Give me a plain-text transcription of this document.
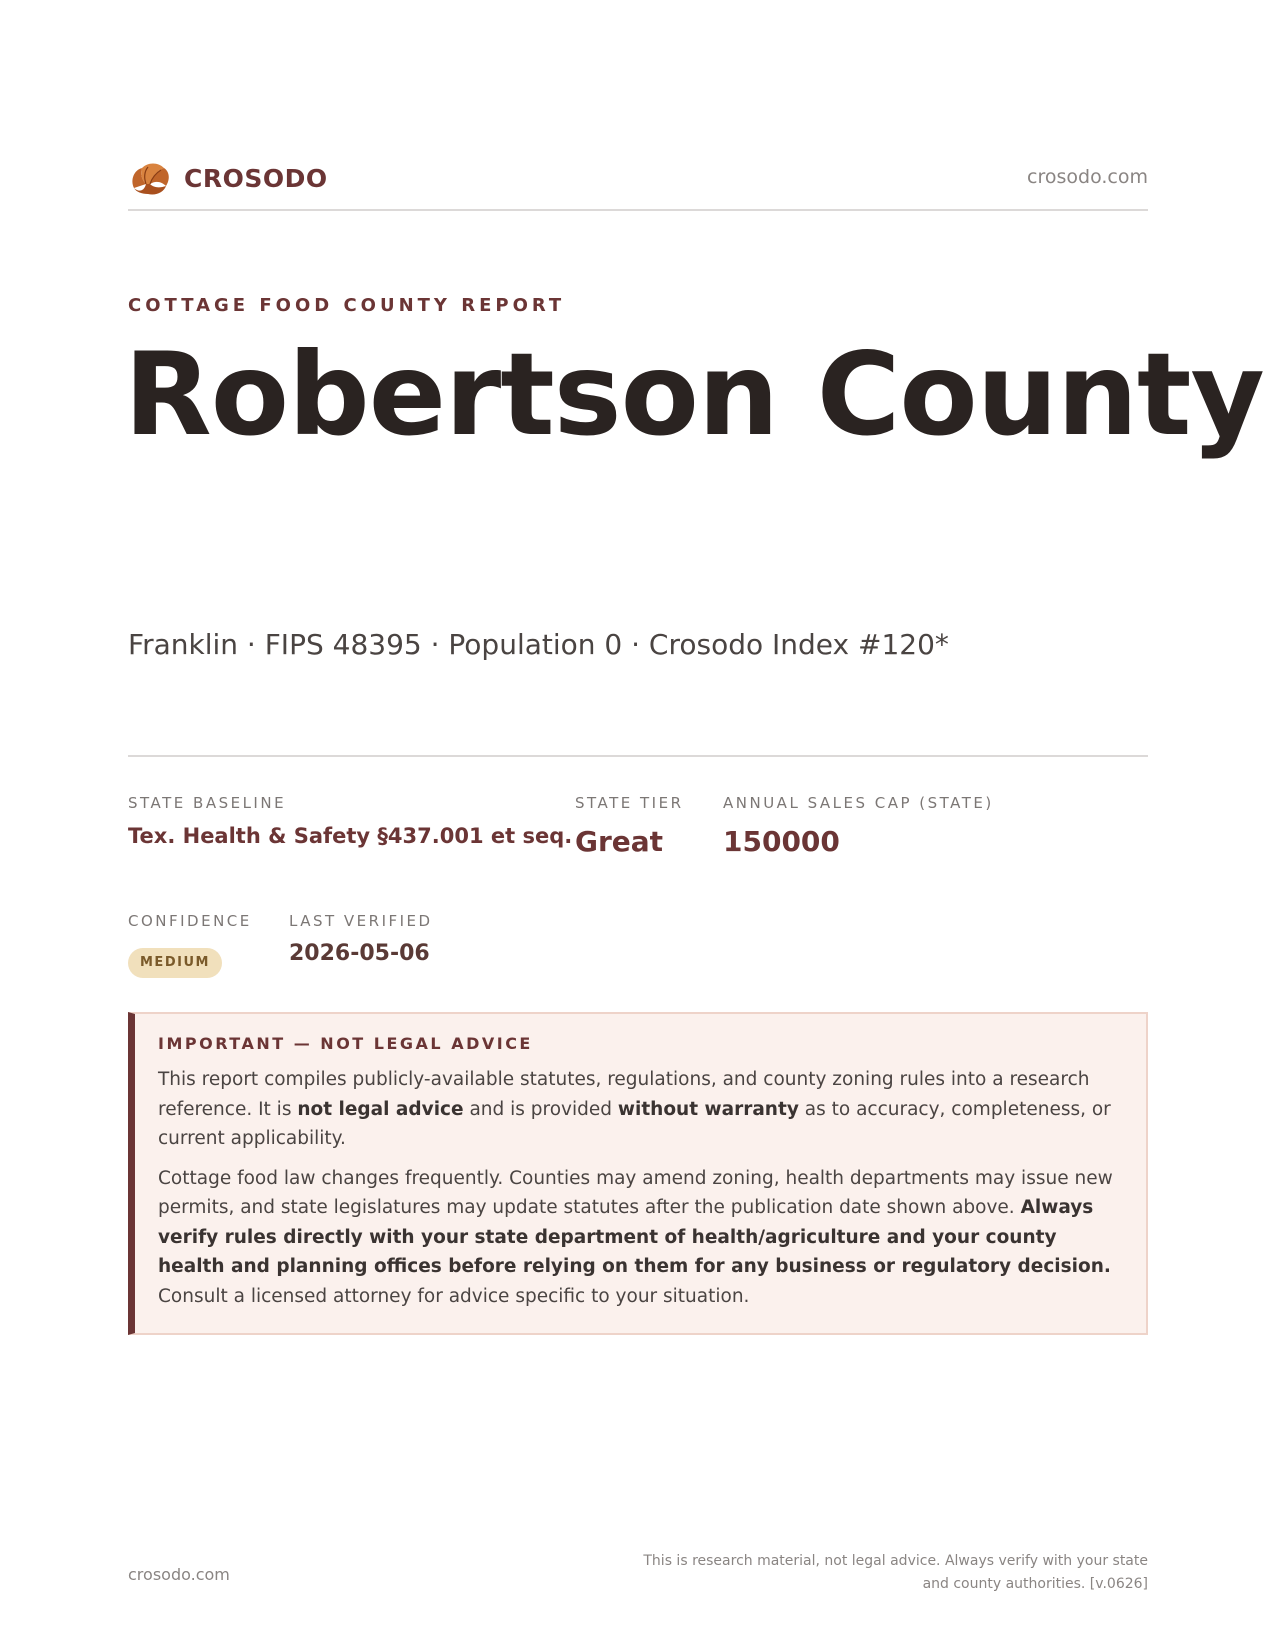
CROSODO	crosodo.com
COTTAGE FOOD COUNTY REPORT
Robertson County
Franklin · FIPS 48395 · Population 0 · Crosodo Index #120*
STATE BASELINE
Tex. Health & Safety §437.001 et seq.
STATE TIER
Great
ANNUAL SALES CAP (STATE)
150000
CONFIDENCE
MEDIUM
LAST VERIFIED
2026-05-06
IMPORTANT — NOT LEGAL ADVICE

This report compiles publicly-available statutes, regulations, and county zoning rules into a research reference. It is not legal advice and is provided without warranty as to accuracy, completeness, or current applicability.

Cottage food law changes frequently. Counties may amend zoning, health departments may issue new permits, and state legislatures may update statutes after the publication date shown above. Always verify rules directly with your state department of health/agriculture and your county health and planning offices before relying on them for any business or regulatory decision. Consult a licensed attorney for advice specific to your situation.

crosodo.com
This is research material, not legal advice. Always verify with your state
and county authorities. [v.0626]
